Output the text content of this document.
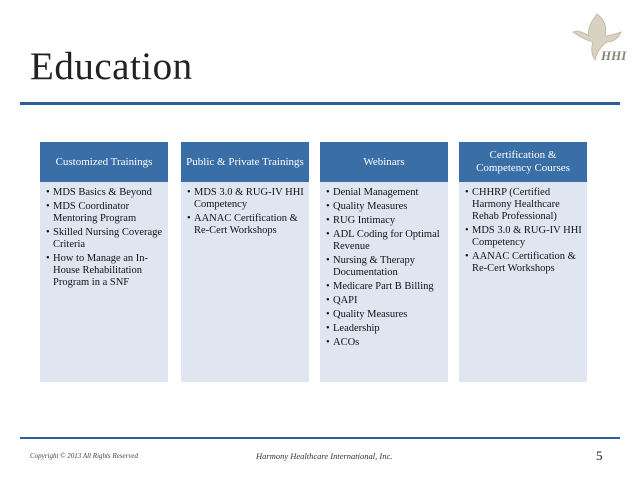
Education	HHI
Customized Trainings
• MDS Basics & Beyond
• MDS Coordinator Mentoring Program
• Skilled Nursing Coverage Criteria
• How to Manage an In-House Rehabilitation Program in a SNF
Public & Private Trainings
• MDS 3.0 & RUG-IV HHI Competency
• AANAC Certification & Re-Cert Workshops
Webinars
• Denial Management
• Quality Measures
• RUG Intimacy
• ADL Coding for Optimal Revenue
• Nursing & Therapy Documentation
• Medicare Part B Billing
• QAPI
• Quality Measures
• Leadership
• ACOs
Certification & Competency Courses
• CHHRP (Certified Harmony Healthcare Rehab Professional)
• MDS 3.0 & RUG-IV HHI Competency
• AANAC Certification & Re-Cert Workshops
Copyright © 2013 All Rights Reserved	Harmony Healthcare International, Inc.	5
